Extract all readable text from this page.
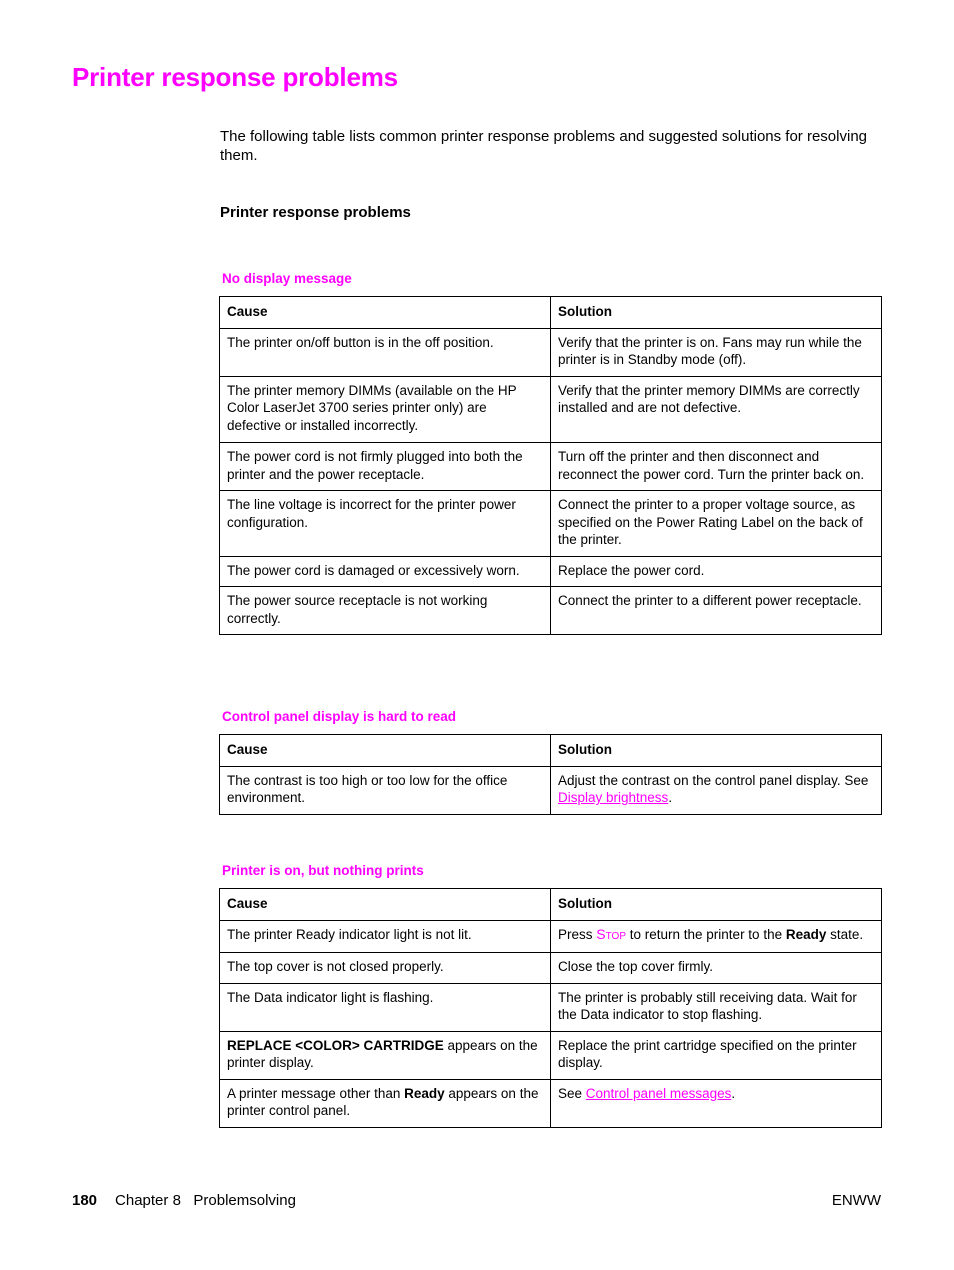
Printer response problems

The following table lists common printer response problems and suggested solutions for resolving them.

Printer response problems

No display message

Cause	Solution
The printer on/off button is in the off position.	Verify that the printer is on. Fans may run while the printer is in Standby mode (off).
The printer memory DIMMs (available on the HP Color LaserJet 3700 series printer only) are defective or installed incorrectly.	Verify that the printer memory DIMMs are correctly installed and are not defective.
The power cord is not firmly plugged into both the printer and the power receptacle.	Turn off the printer and then disconnect and reconnect the power cord. Turn the printer back on.
The line voltage is incorrect for the printer power configuration.	Connect the printer to a proper voltage source, as specified on the Power Rating Label on the back of the printer.
The power cord is damaged or excessively worn.	Replace the power cord.
The power source receptacle is not working correctly.	Connect the printer to a different power receptacle.

Control panel display is hard to read

Cause	Solution
The contrast is too high or too low for the office environment.	Adjust the contrast on the control panel display. See Display brightness.

Printer is on, but nothing prints

Cause	Solution
The printer Ready indicator light is not lit.	Press STOP to return the printer to the Ready state.
The top cover is not closed properly.	Close the top cover firmly.
The Data indicator light is flashing.	The printer is probably still receiving data. Wait for the Data indicator to stop flashing.
REPLACE <COLOR> CARTRIDGE appears on the printer display.	Replace the print cartridge specified on the printer display.
A printer message other than Ready appears on the printer control panel.	See Control panel messages.
180 Chapter 8   Problemsolving	ENWW
